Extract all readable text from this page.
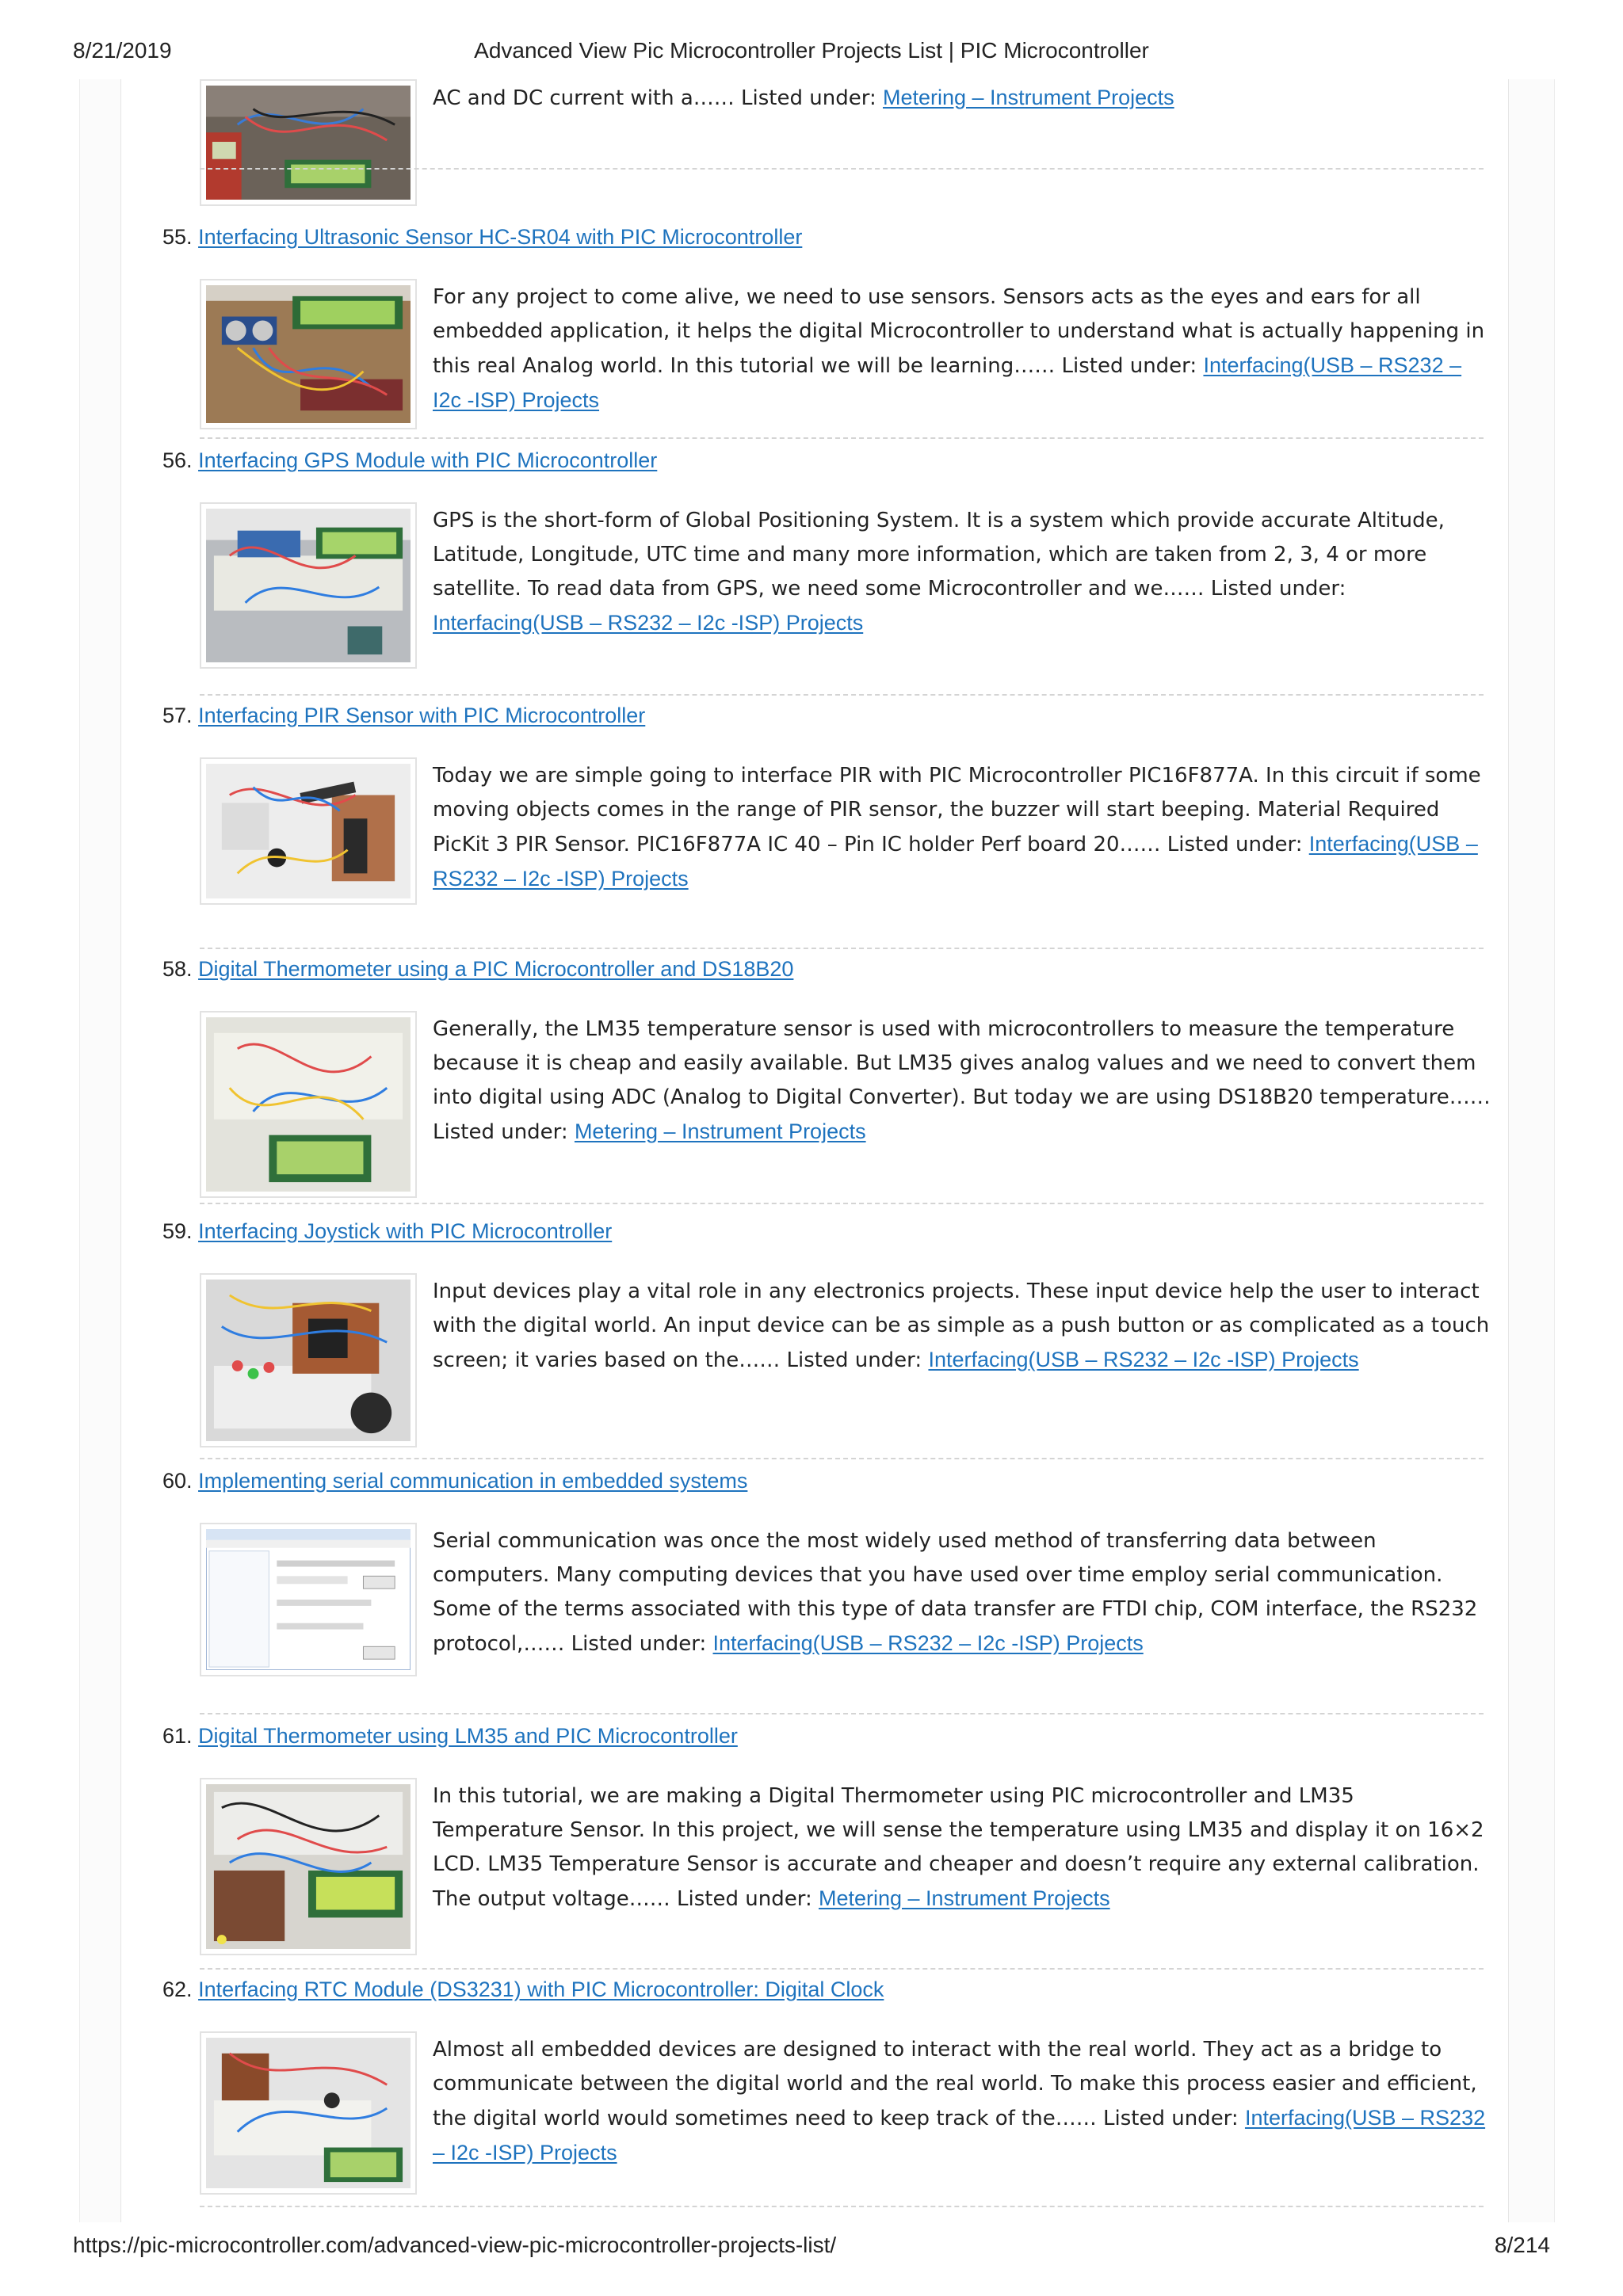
8/21/2019	Advanced View Pic Microcontroller Projects List | PIC Microcontroller
AC and DC current with a…… Listed under: Metering – Instrument Projects
55. Interfacing Ultrasonic Sensor HC-SR04 with PIC Microcontroller
For any project to come alive, we need to use sensors. Sensors acts as the eyes and ears for all embedded application, it helps the digital Microcontroller to understand what is actually happening in this real Analog world. In this tutorial we will be learning…… Listed under: Interfacing(USB – RS232 – I2c -ISP) Projects
56. Interfacing GPS Module with PIC Microcontroller
GPS is the short-form of Global Positioning System. It is a system which provide accurate Altitude, Latitude, Longitude, UTC time and many more information, which are taken from 2, 3, 4 or more satellite. To read data from GPS, we need some Microcontroller and we…… Listed under: Interfacing(USB – RS232 – I2c -ISP) Projects
57. Interfacing PIR Sensor with PIC Microcontroller
Today we are simple going to interface PIR with PIC Microcontroller PIC16F877A. In this circuit if some moving objects comes in the range of PIR sensor, the buzzer will start beeping. Material Required PicKit 3 PIR Sensor. PIC16F877A IC 40 – Pin IC holder Perf board 20…… Listed under: Interfacing(USB – RS232 – I2c -ISP) Projects
58. Digital Thermometer using a PIC Microcontroller and DS18B20
Generally, the LM35 temperature sensor is used with microcontrollers to measure the temperature because it is cheap and easily available. But LM35 gives analog values and we need to convert them into digital using ADC (Analog to Digital Converter). But today we are using DS18B20 temperature…… Listed under: Metering – Instrument Projects
59. Interfacing Joystick with PIC Microcontroller
Input devices play a vital role in any electronics projects. These input device help the user to interact with the digital world. An input device can be as simple as a push button or as complicated as a touch screen; it varies based on the…… Listed under: Interfacing(USB – RS232 – I2c -ISP) Projects
60. Implementing serial communication in embedded systems
Serial communication was once the most widely used method of transferring data between computers. Many computing devices that you have used over time employ serial communication. Some of the terms associated with this type of data transfer are FTDI chip, COM interface, the RS232 protocol,…… Listed under: Interfacing(USB – RS232 – I2c -ISP) Projects
61. Digital Thermometer using LM35 and PIC Microcontroller
In this tutorial, we are making a Digital Thermometer using PIC microcontroller and LM35 Temperature Sensor. In this project, we will sense the temperature using LM35 and display it on 16×2 LCD. LM35 Temperature Sensor is accurate and cheaper and doesn’t require any external calibration. The output voltage…… Listed under: Metering – Instrument Projects
62. Interfacing RTC Module (DS3231) with PIC Microcontroller: Digital Clock
Almost all embedded devices are designed to interact with the real world. They act as a bridge to communicate between the digital world and the real world. To make this process easier and efficient, the digital world would sometimes need to keep track of the…… Listed under: Interfacing(USB – RS232 – I2c -ISP) Projects
https://pic-microcontroller.com/advanced-view-pic-microcontroller-projects-list/	8/214
